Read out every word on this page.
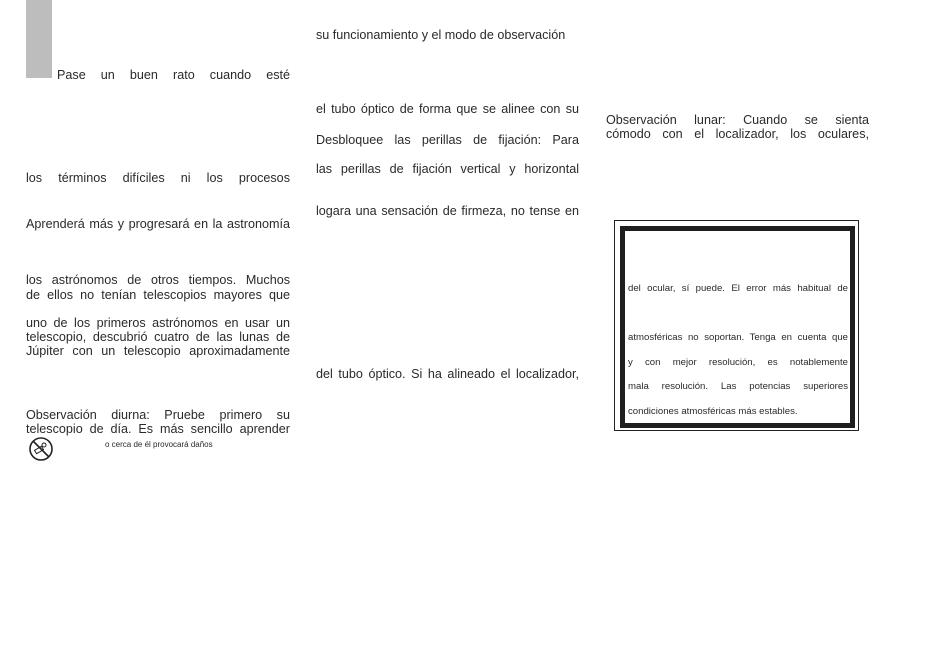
Pase un buen rato cuando esté
los términos difíciles ni los procesos
Aprenderá más y progresará en la astronomía
los astrónomos de otros tiempos. Muchos
de ellos no tenían telescopios mayores que
uno de los primeros astrónomos en usar un
telescopio, descubrió cuatro de las lunas de
Júpiter con un telescopio aproximadamente
Observación diurna: Pruebe primero su
telescopio de día. Es más sencillo aprender
o cerca de él provocará daños
su funcionamiento y el modo de observación
el tubo óptico de forma que se alinee con su
Desbloquee las perillas de fijación: Para
las perillas de fijación vertical y horizontal
logara una sensación de firmeza, no tense en
del tubo óptico. Si ha alineado el localizador,
Observación lunar: Cuando se sienta
cómodo con el localizador, los oculares,
del ocular, sí puede. El error más habitual de
atmosféricas no soportan. Tenga en cuenta que
y con mejor resolución, es notablemente
mala resolución. Las potencias superiores
condiciones atmosféricas más estables.
